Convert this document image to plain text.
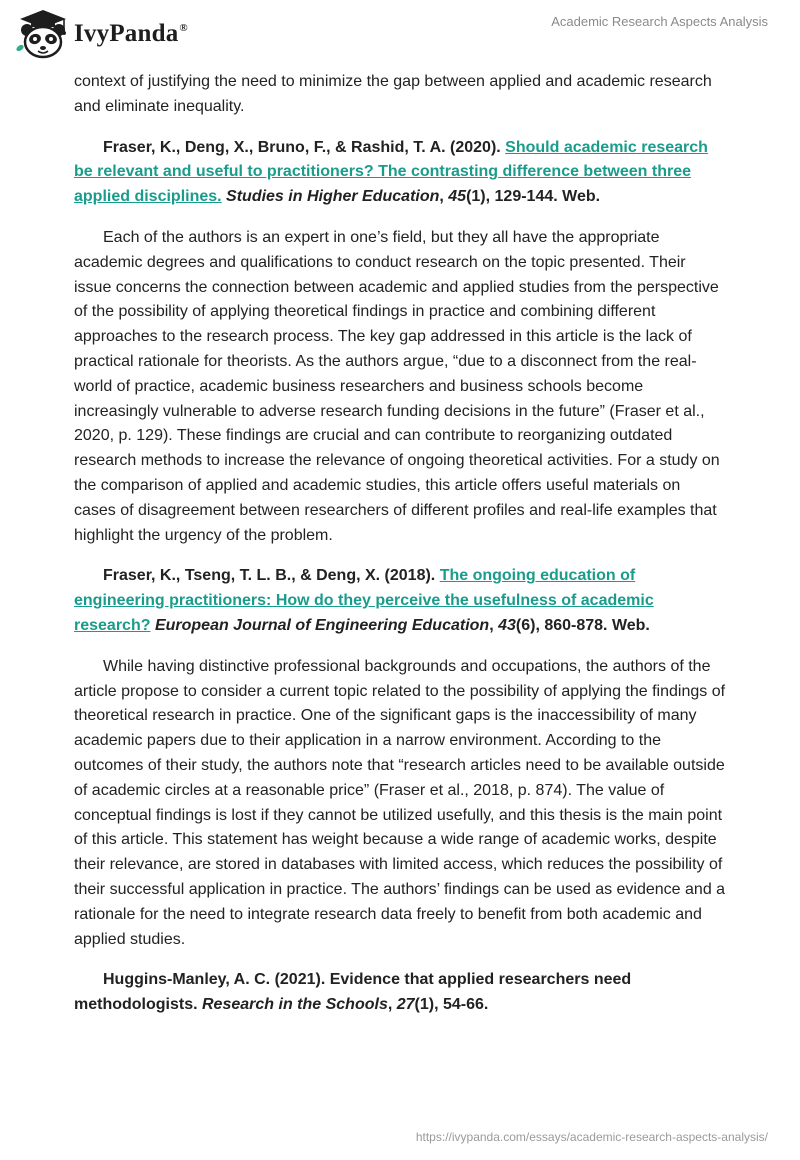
IvyPanda®	Academic Research Aspects Analysis

context of justifying the need to minimize the gap between applied and academic research and eliminate inequality.

Fraser, K., Deng, X., Bruno, F., & Rashid, T. A. (2020). Should academic research be relevant and useful to practitioners? The contrasting difference between three applied disciplines. Studies in Higher Education, 45(1), 129-144. Web.

Each of the authors is an expert in one’s field, but they all have the appropriate academic degrees and qualifications to conduct research on the topic presented. Their issue concerns the connection between academic and applied studies from the perspective of the possibility of applying theoretical findings in practice and combining different approaches to the research process. The key gap addressed in this article is the lack of practical rationale for theorists. As the authors argue, “due to a disconnect from the real-world of practice, academic business researchers and business schools become increasingly vulnerable to adverse research funding decisions in the future” (Fraser et al., 2020, p. 129). These findings are crucial and can contribute to reorganizing outdated research methods to increase the relevance of ongoing theoretical activities. For a study on the comparison of applied and academic studies, this article offers useful materials on cases of disagreement between researchers of different profiles and real-life examples that highlight the urgency of the problem.

Fraser, K., Tseng, T. L. B., & Deng, X. (2018). The ongoing education of engineering practitioners: How do they perceive the usefulness of academic research? European Journal of Engineering Education, 43(6), 860-878. Web.

While having distinctive professional backgrounds and occupations, the authors of the article propose to consider a current topic related to the possibility of applying the findings of theoretical research in practice. One of the significant gaps is the inaccessibility of many academic papers due to their application in a narrow environment. According to the outcomes of their study, the authors note that “research articles need to be available outside of academic circles at a reasonable price” (Fraser et al., 2018, p. 874). The value of conceptual findings is lost if they cannot be utilized usefully, and this thesis is the main point of this article. This statement has weight because a wide range of academic works, despite their relevance, are stored in databases with limited access, which reduces the possibility of their successful application in practice. The authors’ findings can be used as evidence and a rationale for the need to integrate research data freely to benefit from both academic and applied studies.

Huggins-Manley, A. C. (2021). Evidence that applied researchers need methodologists. Research in the Schools, 27(1), 54-66.

https://ivypanda.com/essays/academic-research-aspects-analysis/
